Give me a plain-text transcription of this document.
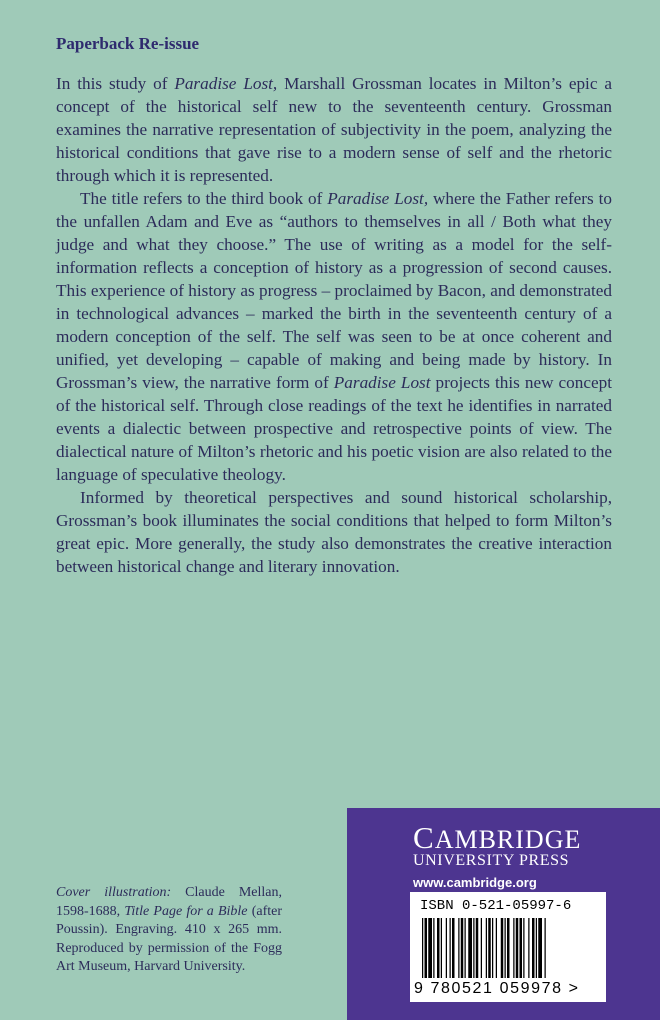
Paperback Re-issue

In this study of Paradise Lost, Marshall Grossman locates in Milton’s epic a concept of the historical self new to the seventeenth century. Grossman examines the narrative representation of subjectivity in the poem, analyzing the historical conditions that gave rise to a modern sense of self and the rhetoric through which it is represented.

The title refers to the third book of Paradise Lost, where the Father refers to the unfallen Adam and Eve as “authors to themselves in all / Both what they judge and what they choose.” The use of writing as a model for the self-information reflects a conception of history as a progression of second causes. This experience of history as progress – proclaimed by Bacon, and demonstrated in technological advances – marked the birth in the seventeenth century of a modern conception of the self. The self was seen to be at once coherent and unified, yet developing – capable of making and being made by history. In Grossman’s view, the narrative form of Paradise Lost projects this new concept of the historical self. Through close readings of the text he identifies in narrated events a dialectic between prospective and retrospective points of view. The dialectical nature of Milton’s rhetoric and his poetic vision are also related to the language of speculative theology.

Informed by theoretical perspectives and sound historical scholarship, Grossman’s book illuminates the social conditions that helped to form Milton’s great epic. More generally, the study also demonstrates the creative interaction between historical change and literary innovation.

Cover illustration: Claude Mellan, 1598-1688, Title Page for a Bible (after Poussin). Engraving. 410 x 265 mm. Reproduced by permission of the Fogg Art Museum, Harvard University.
CAMBRIDGE
UNIVERSITY PRESS
www.cambridge.org
ISBN 0-521-05997-6
9 780521 059978 >
